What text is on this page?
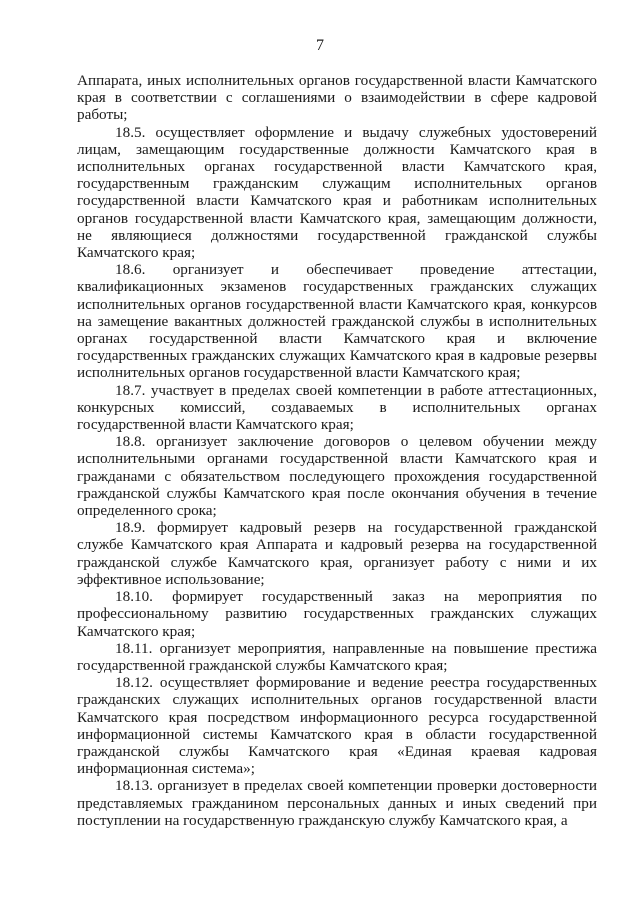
7

Аппарата, иных исполнительных органов государственной власти Камчатского края в соответствии с соглашениями о взаимодействии в сфере кадровой работы;

18.5. осуществляет оформление и выдачу служебных удостоверений лицам, замещающим государственные должности Камчатского края в исполнительных органах государственной власти Камчатского края, государственным гражданским служащим исполнительных органов государственной власти Камчатского края и работникам исполнительных органов государственной власти Камчатского края, замещающим должности, не являющиеся должностями государственной гражданской службы Камчатского края;

18.6. организует и обеспечивает проведение аттестации, квалификационных экзаменов государственных гражданских служащих исполнительных органов государственной власти Камчатского края, конкурсов на замещение вакантных должностей гражданской службы в исполнительных органах государственной власти Камчатского края и включение государственных гражданских служащих Камчатского края в кадровые резервы исполнительных органов государственной власти Камчатского края;

18.7. участвует в пределах своей компетенции в работе аттестационных, конкурсных комиссий, создаваемых в исполнительных органах государственной власти Камчатского края;

18.8. организует заключение договоров о целевом обучении между исполнительными органами государственной власти Камчатского края и гражданами с обязательством последующего прохождения государственной гражданской службы Камчатского края после окончания обучения в течение определенного срока;

18.9. формирует кадровый резерв на государственной гражданской службе Камчатского края Аппарата и кадровый резерва на государственной гражданской службе Камчатского края, организует работу с ними и их эффективное использование;

18.10. формирует государственный заказ на мероприятия по профессиональному развитию государственных гражданских служащих Камчатского края;

18.11. организует мероприятия, направленные на повышение престижа государственной гражданской службы Камчатского края;

18.12. осуществляет формирование и ведение реестра государственных гражданских служащих исполнительных органов государственной власти Камчатского края посредством информационного ресурса государственной информационной системы Камчатского края в области государственной гражданской службы Камчатского края «Единая краевая кадровая информационная система»;

18.13. организует в пределах своей компетенции проверки достоверности представляемых гражданином персональных данных и иных сведений при поступлении на государственную гражданскую службу Камчатского края, а
